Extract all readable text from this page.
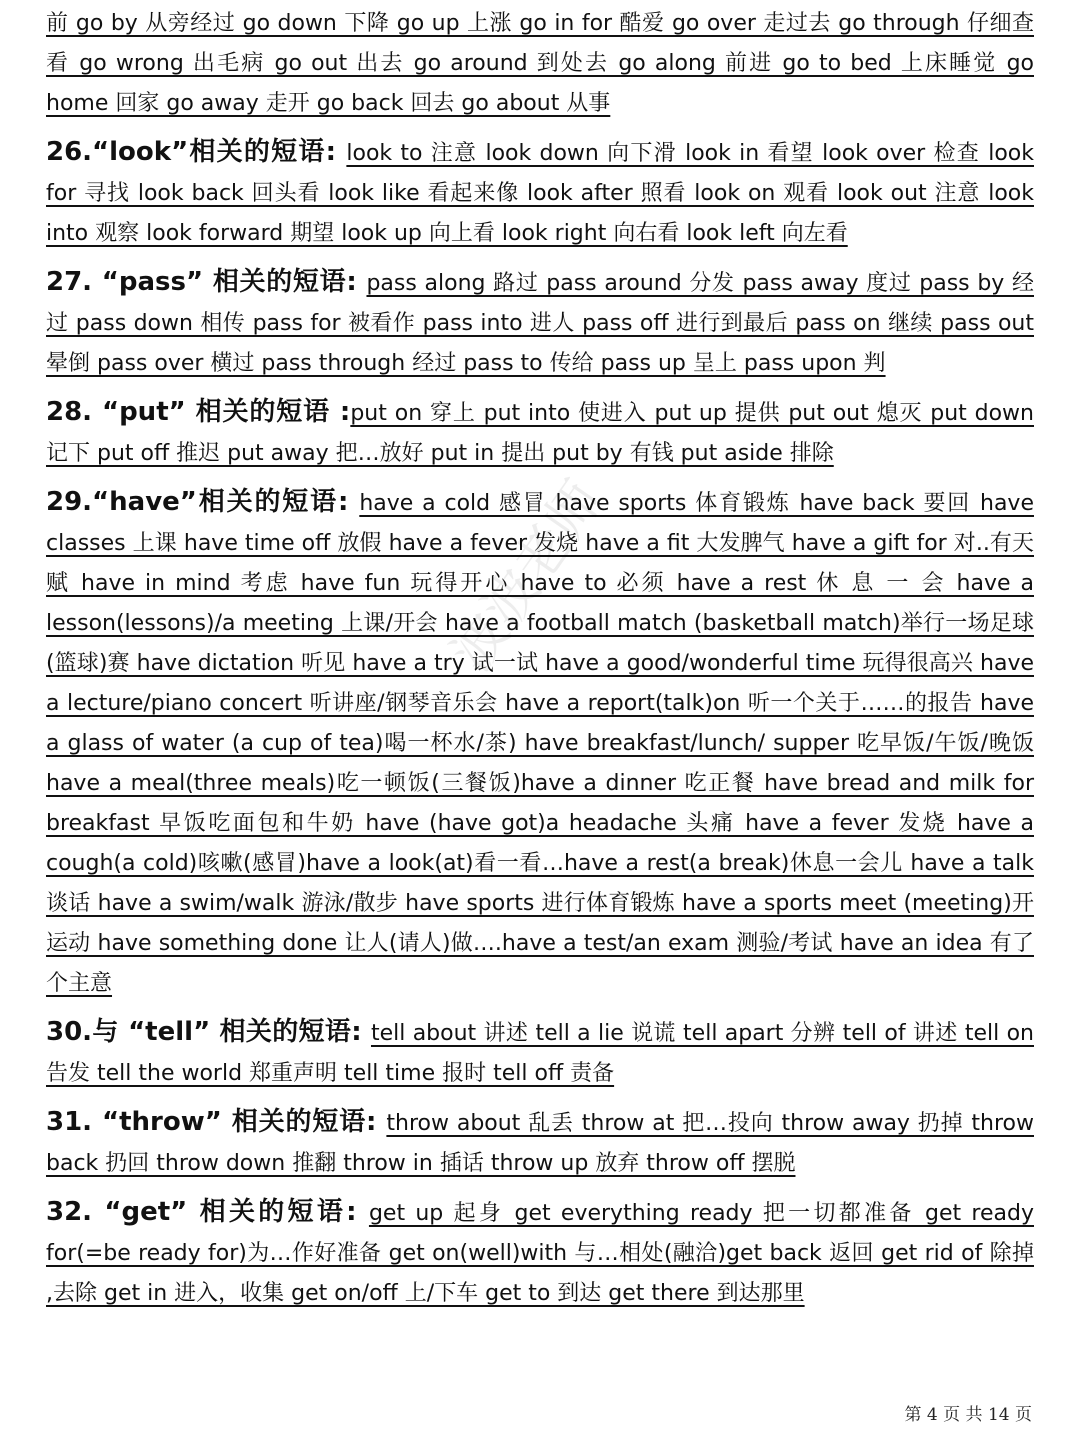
前 go by 从旁经过 go down 下降 go up 上涨 go in for 酷爱 go over 走过去 go through 仔细查看 go wrong 出毛病 go out 出去 go around 到处去 go along 前进 go to bed 上床睡觉 go home 回家 go away 走开 go back 回去 go about 从事

26.“look”相关的短语: look to 注意 look down 向下滑 look in 看望 look over 检查 look for 寻找 look back 回头看 look like 看起来像 look after 照看 look on 观看 look out 注意 look into 观察 look forward 期望 look up 向上看 look right 向右看 look left 向左看

27. “pass” 相关的短语: pass along 路过 pass around 分发 pass away 度过 pass by 经过 pass down 相传 pass for 被看作 pass into 进人 pass off 进行到最后 pass on 继续 pass out 晕倒 pass over 横过 pass through 经过 pass to 传给 pass up 呈上 pass upon 判

28. “put” 相关的短语 :put on 穿上 put into 使进入 put up 提供 put out 熄灭 put down 记下 put off 推迟 put away 把…放好 put in 提出 put by 有钱 put aside 排除

29.“have”相关的短语: have a cold 感冒 have sports 体育锻炼 have back 要回 have classes 上课 have time off 放假 have a fever 发烧 have a fit 大发脾气 have a gift for 对..有天赋 have in mind 考虑 have fun 玩得开心 have to 必须 have a rest 休 息 一 会 have a lesson(lessons)/a meeting 上课/开会 have a football match (basketball match)举行一场足球(篮球)赛 have dictation 听见 have a try 试一试 have a good/wonderful time 玩得很高兴 have a lecture/piano concert 听讲座/钢琴音乐会 have a report(talk)on 听一个关于……的报告 have a glass of water (a cup of tea)喝一杯水/茶) have breakfast/lunch/ supper 吃早饭/午饭/晚饭 have a meal(three meals)吃一顿饭(三餐饭)have a dinner 吃正餐 have bread and milk for breakfast 早饭吃面包和牛奶 have (have got)a headache 头痛 have a fever 发烧 have a cough(a cold)咳嗽(感冒)have a look(at)看一看…have a rest(a break)休息一会儿 have a talk 谈话 have a swim/walk 游泳/散步 have sports 进行体育锻炼 have a sports meet (meeting)开运动 have something done 让人(请人)做….have a test/an exam 测验/考试 have an idea 有了个主意

30.与 “tell” 相关的短语: tell about 讲述 tell a lie 说谎 tell apart 分辨 tell of 讲述 tell on 告发 tell the world 郑重声明 tell time 报时 tell off 责备

31. “throw” 相关的短语: throw about 乱丢 throw at 把…投向 throw away 扔掉 throw back 扔回 throw down 推翻 throw in 插话 throw up 放弃 throw off 摆脱

32. “get” 相关的短语: get up 起身 get everything ready 把一切都准备 get ready for(=be ready for)为…作好准备 get on(well)with 与…相处(融洽)get back 返回 get rid of 除掉 ,去除 get in 进入，收集 get on/off 上/下车 get to 到达 get there 到达那里

波波老师
第 4 页 共 14 页
